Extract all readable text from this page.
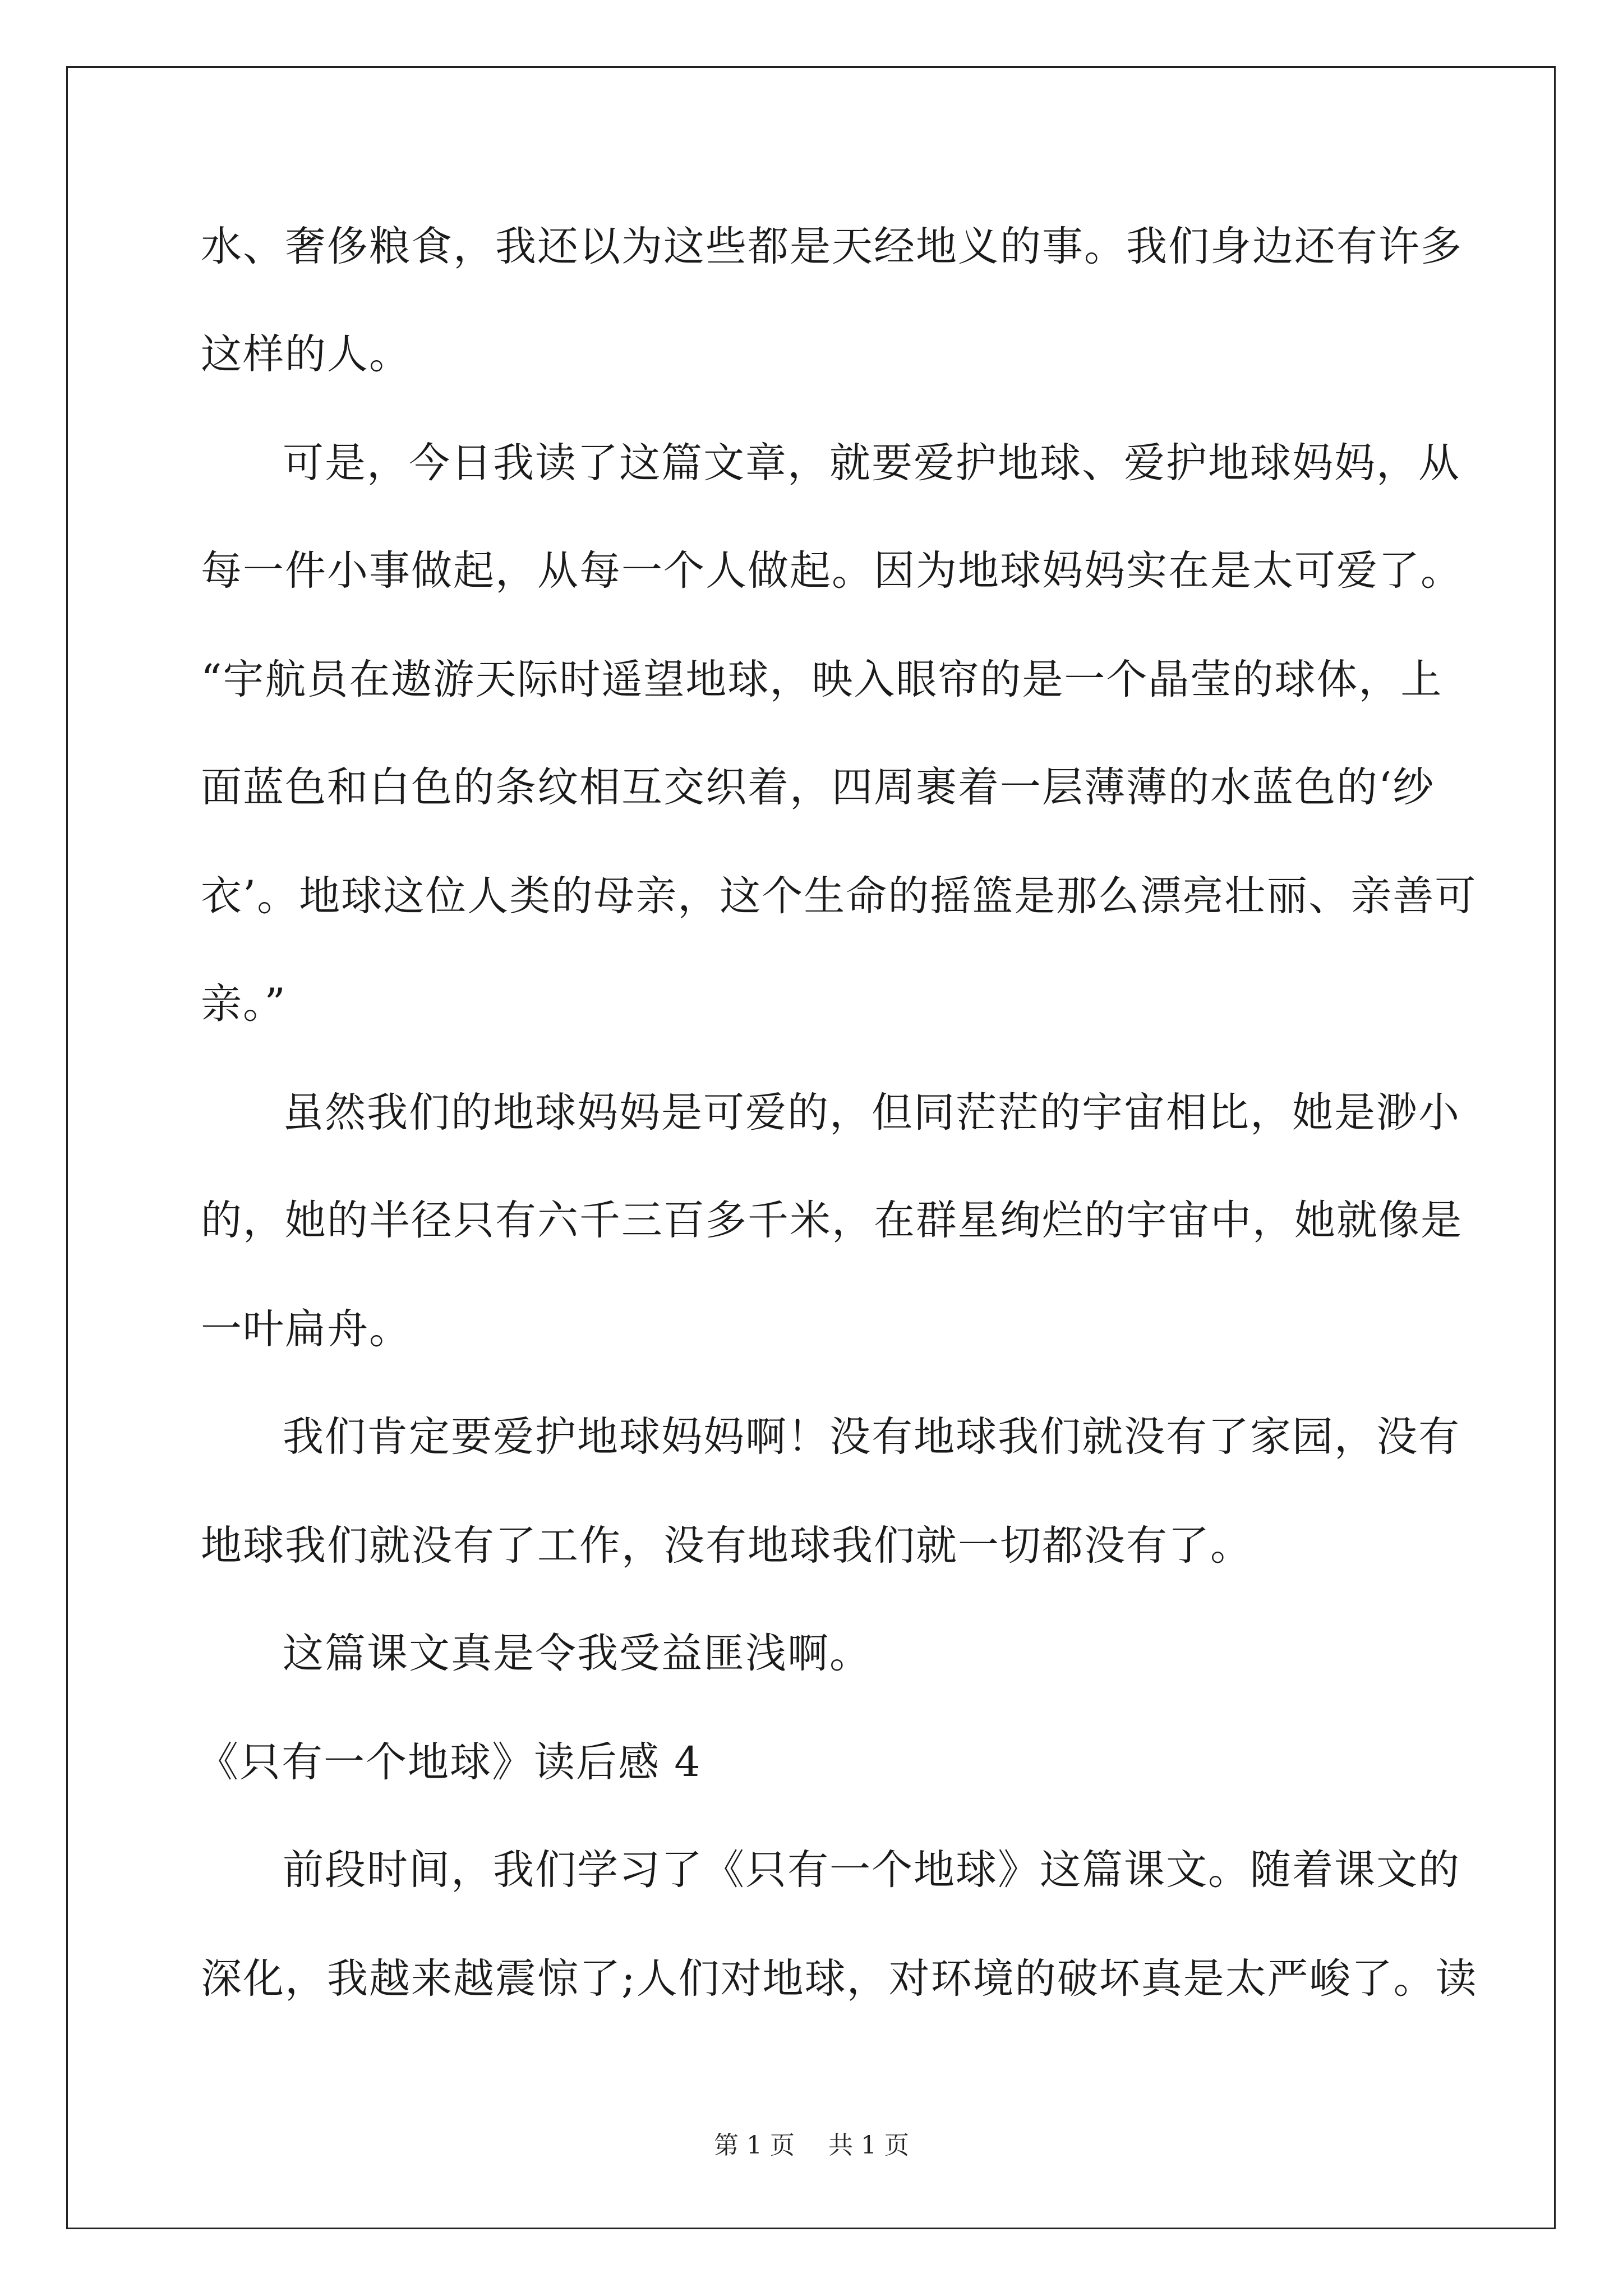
水、奢侈粮食，我还以为这些都是天经地义的事。我们身边还有许多
这样的人。
可是，今日我读了这篇文章，就要爱护地球、爱护地球妈妈，从
每一件小事做起，从每一个人做起。因为地球妈妈实在是太可爱了。
“宇航员在遨游天际时遥望地球，映入眼帘的是一个晶莹的球体，上
面蓝色和白色的条纹相互交织着，四周裹着一层薄薄的水蓝色的‘纱
衣’。地球这位人类的母亲，这个生命的摇篮是那么漂亮壮丽、亲善可
亲。”
虽然我们的地球妈妈是可爱的，但同茫茫的宇宙相比，她是渺小
的，她的半径只有六千三百多千米，在群星绚烂的宇宙中，她就像是
一叶扁舟。
我们肯定要爱护地球妈妈啊！没有地球我们就没有了家园，没有
地球我们就没有了工作，没有地球我们就一切都没有了。
这篇课文真是令我受益匪浅啊。
《只有一个地球》读后感 4
前段时间，我们学习了《只有一个地球》这篇课文。随着课文的
深化，我越来越震惊了;人们对地球，对环境的破坏真是太严峻了。读
第 1 页 共 1 页
